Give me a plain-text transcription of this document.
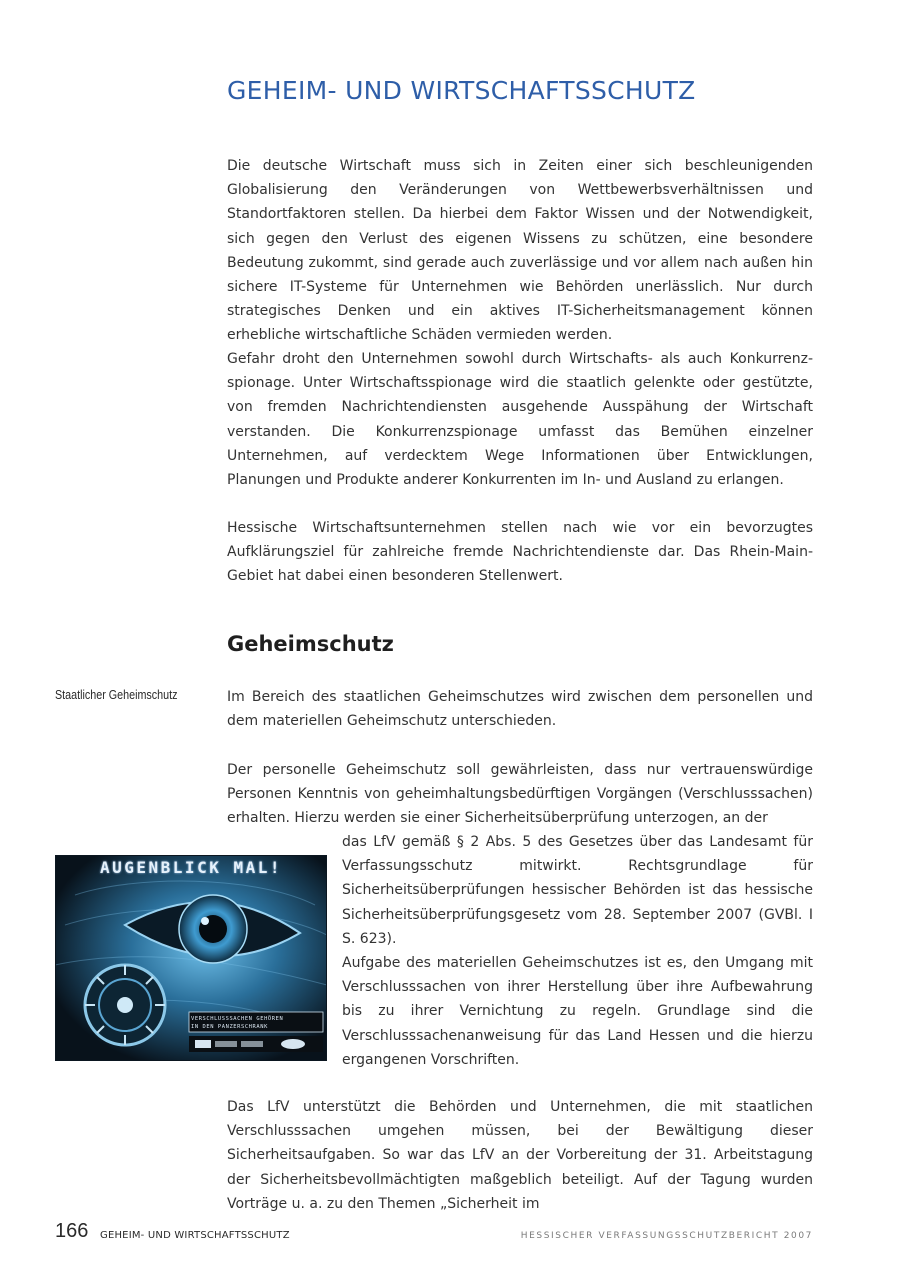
GEHEIM- UND WIRTSCHAFTSSCHUTZ

Die deutsche Wirtschaft muss sich in Zeiten einer sich beschleunigenden Globalisierung den Veränderungen von Wettbewerbsverhältnissen und Standortfaktoren stellen. Da hierbei dem Faktor Wissen und der Notwendigkeit, sich gegen den Verlust des eigenen Wissens zu schützen, eine besondere Bedeutung zukommt, sind gerade auch zuverlässige und vor allem nach außen hin sichere IT-Systeme für Unternehmen wie Behörden unerlässlich. Nur durch strategisches Denken und ein aktives IT-Sicherheitsmanagement können erhebliche wirtschaftliche Schäden vermieden werden.

Gefahr droht den Unternehmen sowohl durch Wirtschafts- als auch Konkurrenzspionage. Unter Wirtschaftsspionage wird die staatlich gelenkte oder gestützte, von fremden Nachrichtendiensten ausgehende Ausspähung der Wirtschaft verstanden. Die Konkurrenzspionage umfasst das Bemühen einzelner Unternehmen, auf verdecktem Wege Informationen über Entwicklungen, Planungen und Produkte anderer Konkurrenten im In- und Ausland zu erlangen.

Hessische Wirtschaftsunternehmen stellen nach wie vor ein bevorzugtes Aufklärungsziel für zahlreiche fremde Nachrichtendienste dar. Das Rhein-Main-Gebiet hat dabei einen besonderen Stellenwert.

Geheimschutz
Staatlicher Geheimschutz	Im Bereich des staatlichen Geheimschutzes wird zwischen dem personellen und dem materiellen Geheimschutz unterschieden.

Der personelle Geheimschutz soll gewährleisten, dass nur vertrauenswürdige Personen Kenntnis von geheimhaltungsbedürftigen Vorgängen (Verschlusssachen) erhalten. Hierzu werden sie einer Sicherheitsüberprüfung unterzogen, an der

das LfV gemäß § 2 Abs. 5 des Gesetzes über das Landesamt für Verfassungsschutz mitwirkt. Rechtsgrundlage für Sicherheitsüberprüfungen hessischer Behörden ist das hessische Sicherheitsüberprüfungsgesetz vom 28. September 2007 (GVBl. I S. 623).

Aufgabe des materiellen Geheimschutzes ist es, den Umgang mit Verschlusssachen von ihrer Herstellung über ihre Aufbewahrung bis zu ihrer Vernichtung zu regeln. Grundlage sind die Verschlusssachenanweisung für das Land Hessen und die hierzu ergangenen Vorschriften.

Das LfV unterstützt die Behörden und Unternehmen, die mit staatlichen Verschlusssachen umgehen müssen, bei der Bewältigung dieser Sicherheitsaufgaben. So war das LfV an der Vorbereitung der 31. Arbeitstagung der Sicherheitsbevollmächtigten maßgeblich beteiligt. Auf der Tagung wurden Vorträge u. a. zu den Themen „Sicherheit im

AUGENBLICK MAL!
VERSCHLUSSSACHEN GEHÖREN
IN DEN PANZERSCHRANK
166 GEHEIM- UND WIRTSCHAFTSSCHUTZ	HESSISCHER VERFASSUNGSSCHUTZBERICHT 2007
